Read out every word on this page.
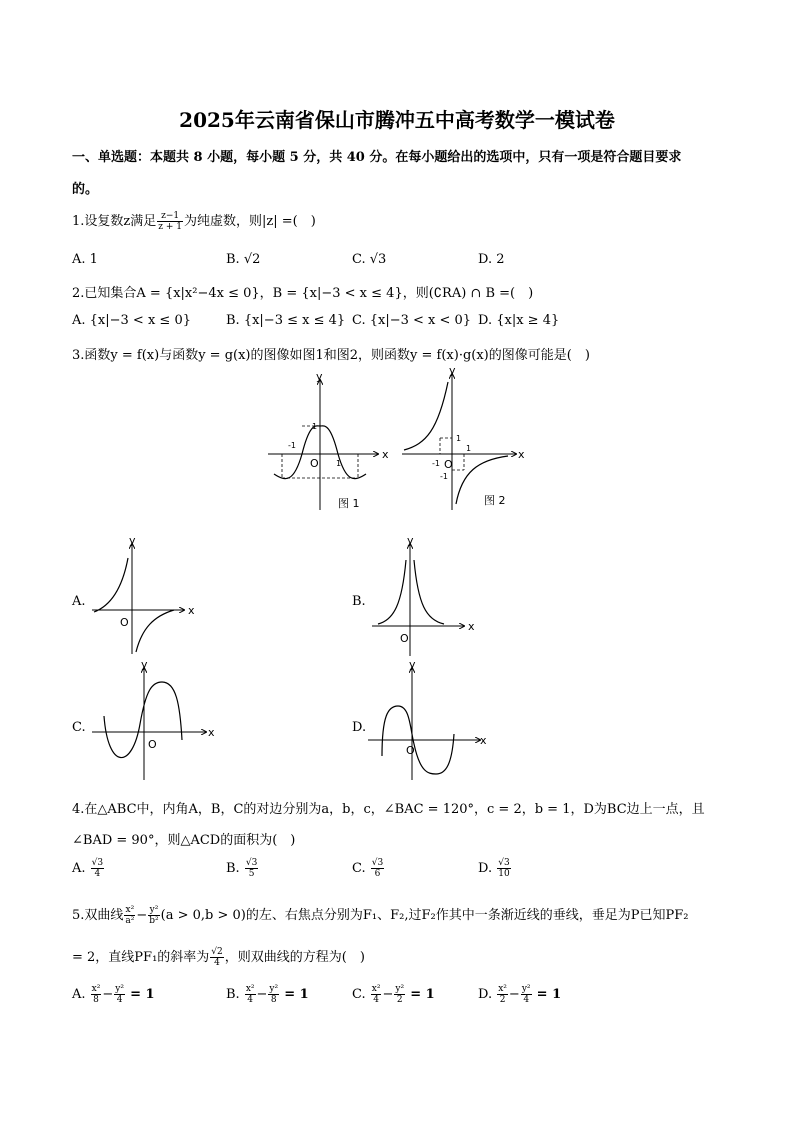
2025年云南省保山市腾冲五中高考数学一模试卷
一、单选题：本题共 8 小题，每小题 5 分，共 40 分。在每小题给出的选项中，只有一项是符合题目要求
的。
1.设复数z满足 $\frac{z-1}{z + 1}$ 为纯虚数，则|z| =(　)
A. 1	B. √2	C. √3	D. 2
2.已知集合A = {x|x²−4x ≤ 0}，B = {x|−3 < x ≤ 4}，则(∁RA) ∩ B =(　)
A. {x|−3 < x ≤ 0}	B. {x|−3 ≤ x ≤ 4} C. {x|−3 < x < 0} D. {x|x ≥ 4}
3.函数y = f(x)与函数y = g(x)的图像如图1和图2，则函数y = f(x)·g(x)的图像可能是(　)
x
y
O
1
-1
1
图 1
x
y
O
1
1
-1
-1
图 2
A.
x
y
O
B.
x
y
O
C.	x
y
O
D.
x
y
O
4.在△ABC中，内角A，B，C的对边分别为a，b，c，∠BAC = 120°，c = 2，b = 1，D为BC边上一点，且
∠BAD = 90°，则△ACD的面积为(　)
A. $\frac{√3}{4}$	B. $\frac{√3}{5}$	C. $\frac{√3}{6}$	D. $\frac{√3}{10}$
5.双曲线 $\frac{\text{x²}}{\text{a²}} - \frac{\text{y²}}{\text{b²}} (a > 0,b > 0)$的左、右焦点分别为F₁、F₂,过F₂作其中一条渐近线的垂线，垂足为P已知PF₂
= 2，直线PF₁的斜率为 $\frac{√2}{4}$ ，则双曲线的方程为(　)
A. $\frac{\text{x²}}{8} - \frac{\text{y²}}{4} = 1$	B. $\frac{\text{x²}}{4} - \frac{\text{y²}}{8} = 1$	C. $\frac{\text{x²}}{4} - \frac{\text{y²}}{2} = 1$	D. $\frac{\text{x²}}{2} - \frac{\text{y²}}{4} = 1$
